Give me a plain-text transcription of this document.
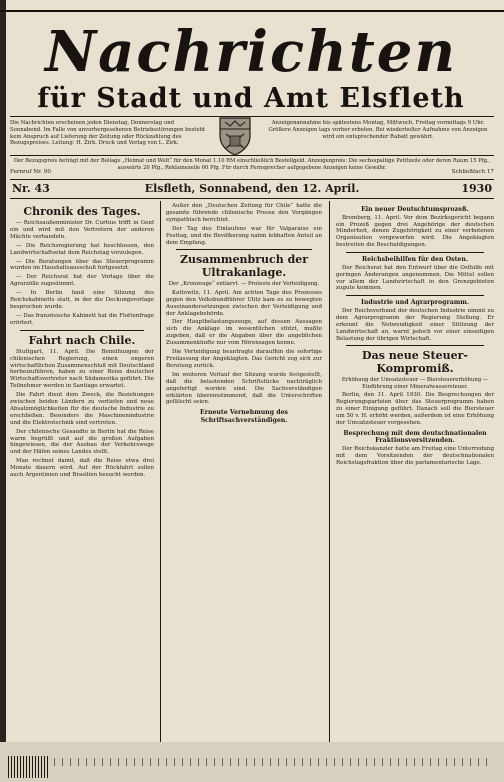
Nachrichten
für Stadt und Amt Elsfleth
Die Nachrichten erscheinen jeden Dienstag, Donnerstag und Sonnabend. Im Falle von unvorhergesehenen Betriebsstörungen besteht kein Anspruch auf Lieferung der Zeitung oder Rückzahlung des Bezugspreises. Leitung: H. Zirk. Druck und Verlag von L. Zirk.
Anzeigenannahme bis spätestens Montag, Mittwoch, Freitag vormittags 9 Uhr. Größere Anzeigen tags vorher erbeten. Bei wiederholter Aufnahme von Anzeigen wird ein entsprechender Rabatt gewährt.
Der Bezugspreis beträgt mit der Beilage „Heimat und Welt“ für den Monat 1.10 RM einschließlich Bestellgeld. Anzeigenpreis: Die sechsspaltige Petitzeile oder deren Raum 15 Pfg., auswärts 20 Pfg., Reklamezeile 60 Pfg. Für durch Fernsprecher aufgegebene Anzeigen keine Gewähr.
Fernruf Nr. 90	Schließfach 17
Nr. 43	Elsfleth, Sonnabend, den 12. April.	1930
Chronik des Tages.

— Reichsaußenminister Dr. Curtius trifft in Genf ein und wird mit den Vertretern der anderen Mächte verhandeln.

— Die Reichsregierung hat beschlossen, den Landwirtschaftsetat dem Reichstag vorzulegen.

— Die Beratungen über das Steuerprogramm wurden im Haushaltsausschuß fortgesetzt.

— Der Reichsrat hat der Vorlage über die Agrarzölle zugestimmt.

— In Berlin fand eine Sitzung des Reichskabinetts statt, in der die Deckungsvorlage besprochen wurde.

— Das französische Kabinett hat die Flottenfrage erörtert.

Fahrt nach Chile.

Stuttgart, 11. April. Die Bemühungen der chilenischen Regierung, einen engeren wirtschaftlichen Zusammenschluß mit Deutschland herbeizuführen, haben zu einer Reise deutscher Wirtschaftsvertreter nach Südamerika geführt. Die Teilnehmer werden in Santiago erwartet.

Die Fahrt dient dem Zweck, die Beziehungen zwischen beiden Ländern zu vertiefen und neue Absatzmöglichkeiten für die deutsche Industrie zu erschließen. Besonders die Maschinenindustrie und die Elektrotechnik sind vertreten.

Der chilenische Gesandte in Berlin hat die Reise warm begrüßt und auf die großen Aufgaben hingewiesen, die der Ausbau der Verkehrswege und der Häfen seines Landes stellt.

Man rechnet damit, daß die Reise etwa drei Monate dauern wird. Auf der Rückfahrt sollen auch Argentinien und Brasilien besucht werden.

Außer den „Deutschen Zeitung für Chile“ hatte die gesamte führende chilenische Presse den Vorgängen sympathisch berichtet.

Der Tag des Einlaufens war für Valparaiso ein Festtag, und die Bevölkerung nahm lebhaften Anteil an dem Empfang.

Zusammenbruch der Ultrakanlage.
Der „Kronzeuge“ entlarvt. — Proteste der Verteidigung.

Kattowitz, 11. April. Am achten Tage des Prozesses gegen den Volksbundführer Ulitz kam es zu bewegten Auseinandersetzungen zwischen der Verteidigung und der Anklagebehörde.

Der Hauptbelastungszeuge, auf dessen Aussagen sich die Anklage im wesentlichen stützt, mußte zugeben, daß er die Angaben über die angeblichen Zusammenkünfte nur vom Hörensagen kenne.

Die Verteidigung beantragte daraufhin die sofortige Freilassung der Angeklagten. Das Gericht zog sich zur Beratung zurück.

Im weiteren Verlauf der Sitzung wurde festgestellt, daß die belastenden Schriftstücke nachträglich angefertigt worden sind. Die Sachverständigen erklärten übereinstimmend, daß die Unterschriften gefälscht seien.

Erneute Vernehmung des Schriftsachverständigen.
Ein neuer Deutschtumsprozeß.

Bromberg, 11. April. Vor dem Bezirksgericht begann ein Prozeß gegen drei Angehörige der deutschen Minderheit, denen Zugehörigkeit zu einer verbotenen Organisation vorgeworfen wird. Die Angeklagten bestreiten die Beschuldigungen.

Reichsbeihilfen für den Osten.

Der Reichsrat hat den Entwurf über die Osthilfe mit geringen Änderungen angenommen. Die Mittel sollen vor allem der Landwirtschaft in den Grenzgebieten zugute kommen.

Industrie und Agrarprogramm.

Der Reichsverband der deutschen Industrie nimmt zu dem Agrarprogramm der Regierung Stellung. Er erkennt die Notwendigkeit einer Stützung der Landwirtschaft an, warnt jedoch vor einer einseitigen Belastung der übrigen Wirtschaft.

Das neue Steuer-Kompromiß.
Erhöhung der Umsatzsteuer — Biersteuererhöhung — Einführung einer Mineralwassersteuer.

Berlin, den 11. April 1930. Die Besprechungen der Regierungsparteien über das Steuerprogramm haben zu einer Einigung geführt. Danach soll die Biersteuer um 50 v. H. erhöht werden, außerdem ist eine Erhöhung der Umsatzsteuer vorgesehen.

Besprechung mit dem deutschnationalen Fraktionsvorsitzenden.

Der Reichskanzler hatte am Freitag eine Unterredung mit dem Vorsitzenden der deutschnationalen Reichstagsfraktion über die parlamentarische Lage.
